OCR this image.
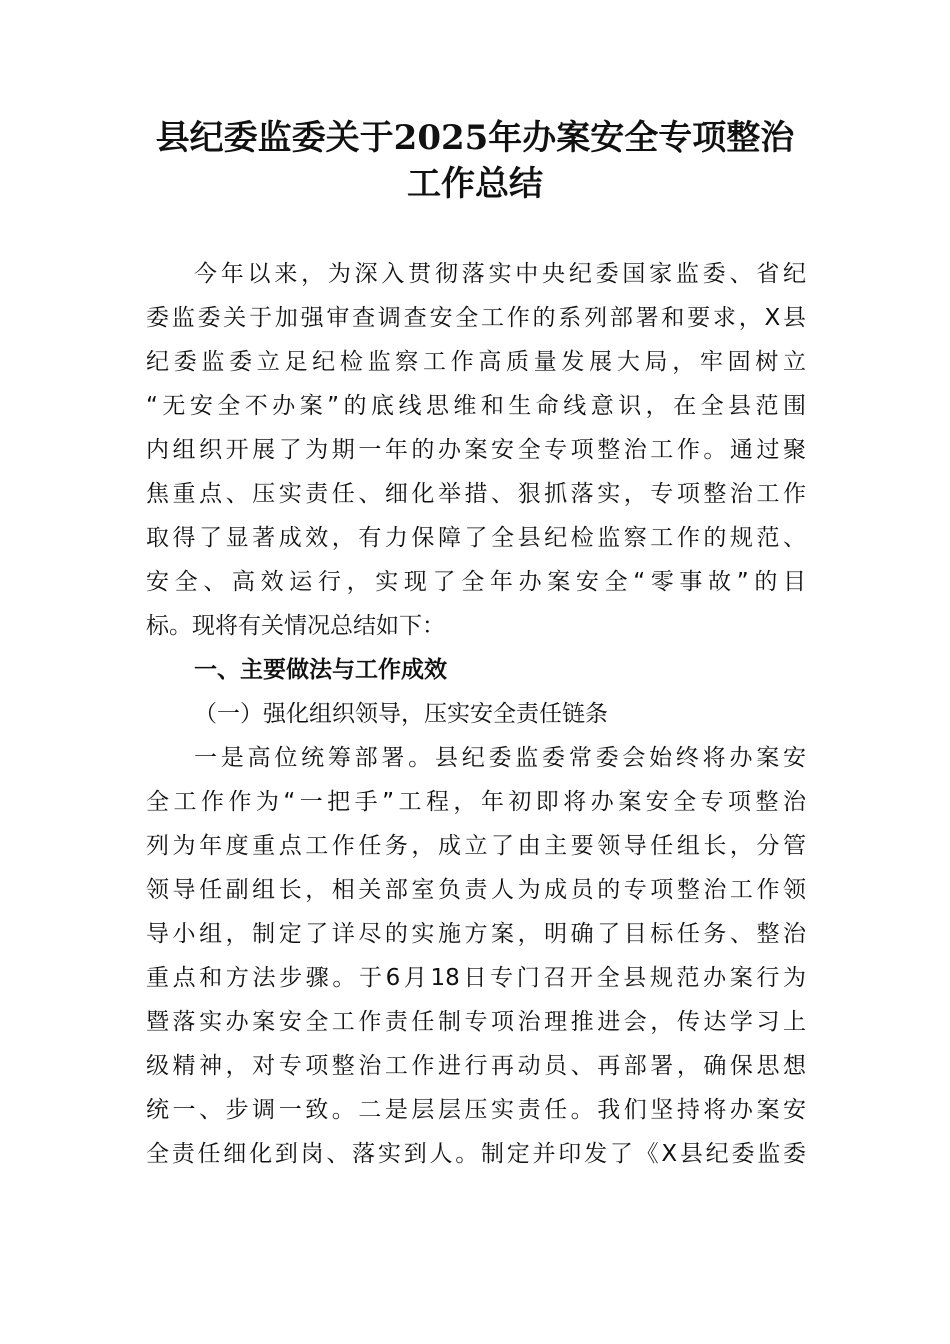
县纪委监委关于2025年办案安全专项整治
工作总结
今年以来，为深入贯彻落实中央纪委国家监委、省纪
委监委关于加强审查调查安全工作的系列部署和要求，X县
纪委监委立足纪检监察工作高质量发展大局，牢固树立
“无安全不办案”的底线思维和生命线意识，在全县范围
内组织开展了为期一年的办案安全专项整治工作。通过聚
焦重点、压实责任、细化举措、狠抓落实，专项整治工作
取得了显著成效，有力保障了全县纪检监察工作的规范、
安全、高效运行，实现了全年办案安全“零事故”的目
标。现将有关情况总结如下：
一、主要做法与工作成效
（一）强化组织领导，压实安全责任链条
一是高位统筹部署。县纪委监委常委会始终将办案安
全工作作为“一把手”工程，年初即将办案安全专项整治
列为年度重点工作任务，成立了由主要领导任组长，分管
领导任副组长，相关部室负责人为成员的专项整治工作领
导小组，制定了详尽的实施方案，明确了目标任务、整治
重点和方法步骤。于6月18日专门召开全县规范办案行为
暨落实办案安全工作责任制专项治理推进会，传达学习上
级精神，对专项整治工作进行再动员、再部署，确保思想
统一、步调一致。二是层层压实责任。我们坚持将办案安
全责任细化到岗、落实到人。制定并印发了《X县纪委监委
